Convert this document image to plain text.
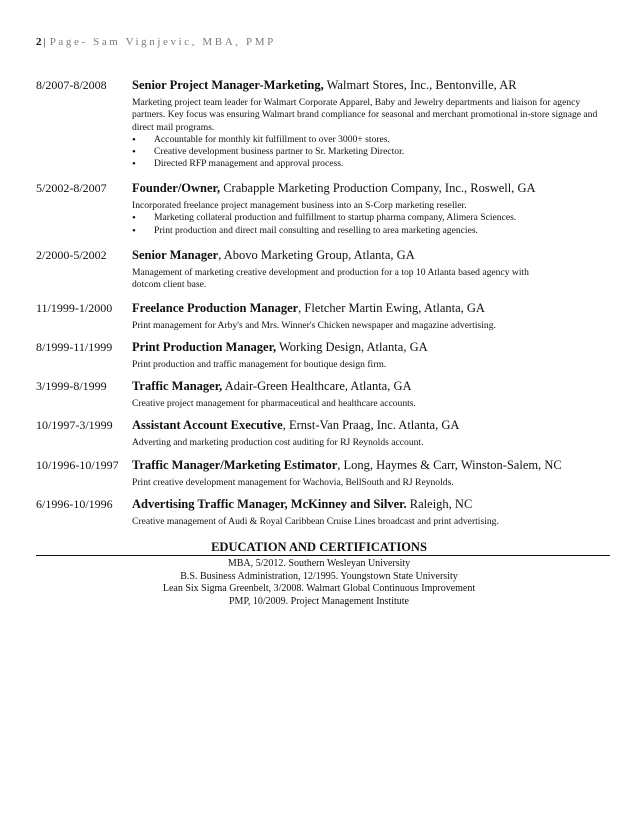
2 | Page- Sam Vignjevic, MBA, PMP
8/2007-8/2008 Senior Project Manager-Marketing, Walmart Stores, Inc., Bentonville, AR
Marketing project team leader for Walmart Corporate Apparel, Baby and Jewelry departments and liaison for agency partners. Key focus was ensuring Walmart brand compliance for seasonal and merchant promotional in-store signage and direct mail programs.
• Accountable for monthly kit fulfillment to over 3000+ stores.
• Creative development business partner to Sr. Marketing Director.
• Directed RFP management and approval process.
5/2002-8/2007 Founder/Owner, Crabapple Marketing Production Company, Inc., Roswell, GA
Incorporated freelance project management business into an S-Corp marketing reseller.
• Marketing collateral production and fulfillment to startup pharma company, Alimera Sciences.
• Print production and direct mail consulting and reselling to area marketing agencies.
2/2000-5/2002 Senior Manager, Abovo Marketing Group, Atlanta, GA
Management of marketing creative development and production for a top 10 Atlanta based agency with dotcom client base.
11/1999-1/2000 Freelance Production Manager, Fletcher Martin Ewing, Atlanta, GA
Print management for Arby's and Mrs. Winner's Chicken newspaper and magazine advertising.
8/1999-11/1999 Print Production Manager, Working Design, Atlanta, GA
Print production and traffic management for boutique design firm.
3/1999-8/1999 Traffic Manager, Adair-Green Healthcare, Atlanta, GA
Creative project management for pharmaceutical and healthcare accounts.
10/1997-3/1999 Assistant Account Executive, Ernst-Van Praag, Inc. Atlanta, GA
Adverting and marketing production cost auditing for RJ Reynolds account.
10/1996-10/1997 Traffic Manager/Marketing Estimator, Long, Haymes & Carr, Winston-Salem, NC
Print creative development management for Wachovia, BellSouth and RJ Reynolds.
6/1996-10/1996 Advertising Traffic Manager, McKinney and Silver. Raleigh, NC
Creative management of Audi & Royal Caribbean Cruise Lines broadcast and print advertising.
EDUCATION AND CERTIFICATIONS
MBA, 5/2012. Southern Wesleyan University
B.S. Business Administration, 12/1995. Youngstown State University
Lean Six Sigma Greenbelt, 3/2008. Walmart Global Continuous Improvement
PMP, 10/2009. Project Management Institute
